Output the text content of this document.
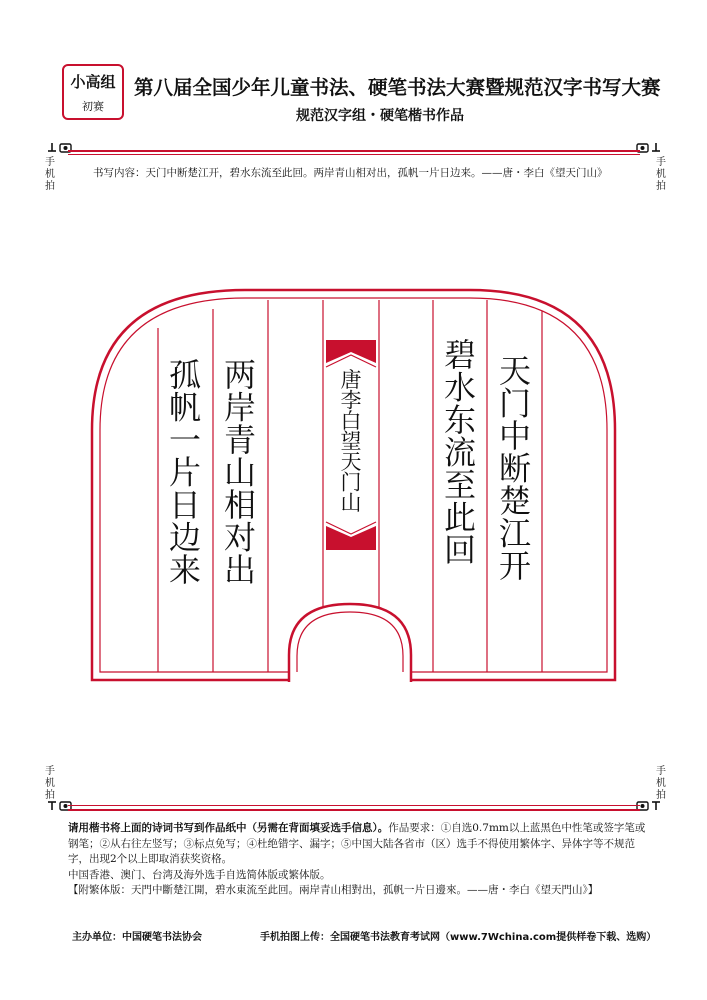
小高组
初赛
第八届全国少年儿童书法、硬笔书法大赛暨规范汉字书写大赛
规范汉字组・硬笔楷书作品
手机拍
手机拍
书写内容：天门中断楚江开，碧水东流至此回。两岸青山相对出，孤帆一片日边来。——唐・李白《望天门山》
天
门
中
断
楚
江
开
碧
水
东
流
至
此
回
两
岸
青
山
相
对
出
孤
帆
一
片
日
边
来
唐
李
白
望
天
门
山
手机拍
手机拍
请用楷书将上面的诗词书写到作品纸中（另需在背面填妥选手信息）。作品要求：①自选0.7mm以上蓝黑色中性笔或签字笔或钢笔；②从右往左竖写；③标点免写；④杜绝错字、漏字；⑤中国大陆各省市（区）选手不得使用繁体字、异体字等不规范字，出现2个以上即取消获奖资格。
中国香港、澳门、台湾及海外选手自选简体版或繁体版。
【附繁体版：天門中斷楚江開，碧水東流至此回。兩岸青山相對出，孤帆一片日邊來。——唐・李白《望天門山》】
主办单位：中国硬笔书法协会	手机拍图上传：全国硬笔书法教育考试网（www.7Wchina.com提供样卷下载、选购）
